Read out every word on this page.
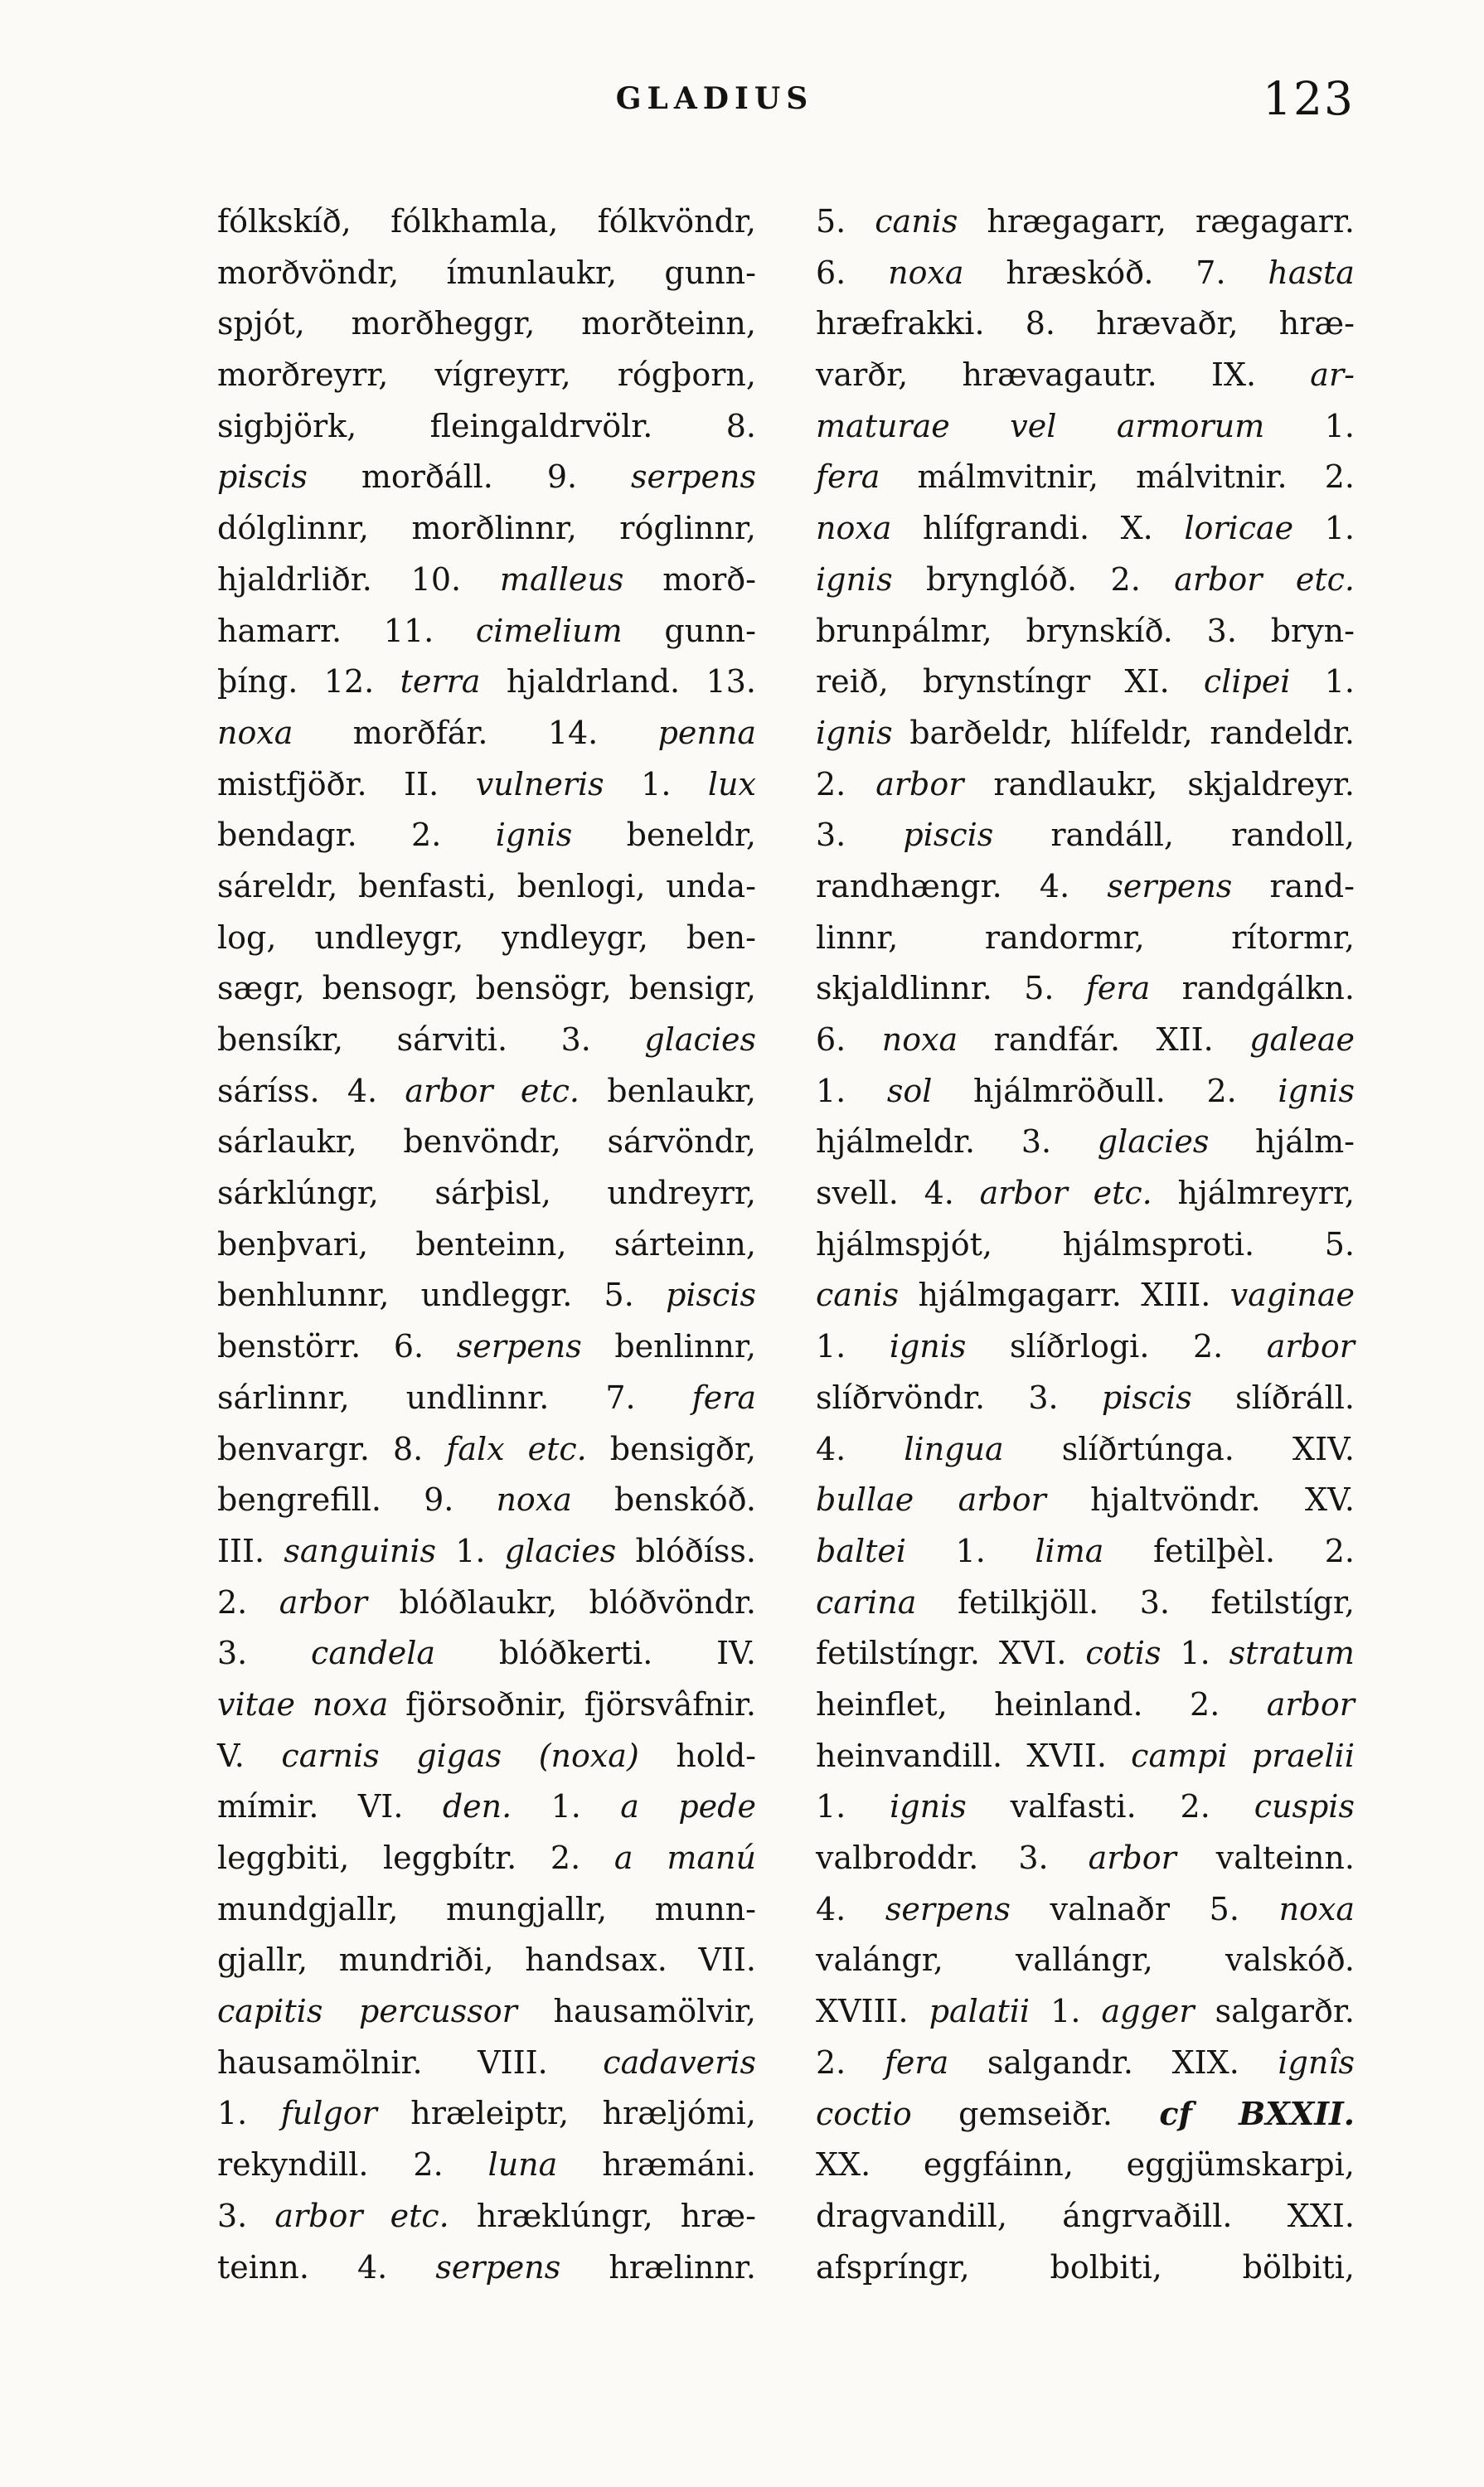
GLADIUS	123
fólkskíð, fólkhamla, fólkvöndr,
morðvöndr, ímunlaukr, gunn-
spjót, morðheggr, morðteinn,
morðreyrr, vígreyrr, rógþorn,
sigbjörk, fleingaldrvölr. 8.
piscis morðáll. 9. serpens
dólglinnr, morðlinnr, róglinnr,
hjaldrliðr. 10. malleus morð-
hamarr. 11. cimelium gunn-
þíng. 12. terra hjaldrland. 13.
noxa morðfár. 14. penna
mistfjöðr. II. vulneris 1. lux
bendagr. 2. ignis beneldr,
sáreldr, benfasti, benlogi, unda-
log, undleygr, yndleygr, ben-
sægr, bensogr, bensögr, bensigr,
bensíkr, sárviti. 3. glacies
sáríss. 4. arbor etc. benlaukr,
sárlaukr, benvöndr, sárvöndr,
sárklúngr, sárþisl, undreyrr,
benþvari, benteinn, sárteinn,
benhlunnr, undleggr. 5. piscis
benstörr. 6. serpens benlinnr,
sárlinnr, undlinnr. 7. fera
benvargr. 8. falx etc. bensigðr,
bengrefill. 9. noxa benskóð.
III. sanguinis 1. glacies blóðíss.
2. arbor blóðlaukr, blóðvöndr.
3. candela blóðkerti. IV.
vitae noxa fjörsoðnir, fjörsvâfnir.
V. carnis gigas (noxa) hold-
mímir. VI. den. 1. a pede
leggbiti, leggbítr. 2. a manú
mundgjallr, mungjallr, munn-
gjallr, mundriði, handsax. VII.
capitis percussor hausamölvir,
hausamölnir. VIII. cadaveris
1. fulgor hræleiptr, hræljómi,
rekyndill. 2. luna hræmáni.
3. arbor etc. hræklúngr, hræ-
teinn. 4. serpens hrælinnr.
5. canis hrægagarr, rægagarr.
6. noxa hræskóð. 7. hasta
hræfrakki. 8. hrævaðr, hræ-
varðr, hrævagautr. IX. ar-
maturae vel armorum 1.
fera málmvitnir, málvitnir. 2.
noxa hlífgrandi. X. loricae 1.
ignis brynglóð. 2. arbor etc.
brunpálmr, brynskíð. 3. bryn-
reið, brynstíngr XI. clipei 1.
ignis barðeldr, hlífeldr, randeldr.
2. arbor randlaukr, skjaldreyr.
3. piscis randáll, randoll,
randhængr. 4. serpens rand-
linnr,	randormr,	rítormr,
skjaldlinnr. 5. fera randgálkn.
6. noxa randfár. XII. galeae
1. sol hjálmröðull. 2. ignis
hjálmeldr. 3. glacies hjálm-
svell. 4. arbor etc. hjálmreyrr,
hjálmspjót, hjálmsproti. 5.
canis hjálmgagarr. XIII. vaginae
1. ignis slíðrlogi. 2. arbor
slíðrvöndr. 3. piscis slíðráll.
4. lingua slíðrtúnga. XIV.
bullae arbor hjaltvöndr. XV.
baltei 1. lima fetilþèl. 2.
carina fetilkjöll. 3. fetilstígr,
fetilstíngr. XVI. cotis 1. stratum
heinflet, heinland. 2. arbor
heinvandill. XVII. campi praelii
1. ignis valfasti. 2. cuspis
valbroddr. 3. arbor valteinn.
4. serpens valnaðr 5. noxa
valángr, vallángr, valskóð.
XVIII. palatii 1. agger salgarðr.
2. fera salgandr. XIX. ignîs
coctio gemseiðr. cf BXXII.
XX. eggfáinn, eggjümskarpi,
dragvandill, ángrvaðill. XXI.
afspríngr,	bolbiti,	bölbiti,
